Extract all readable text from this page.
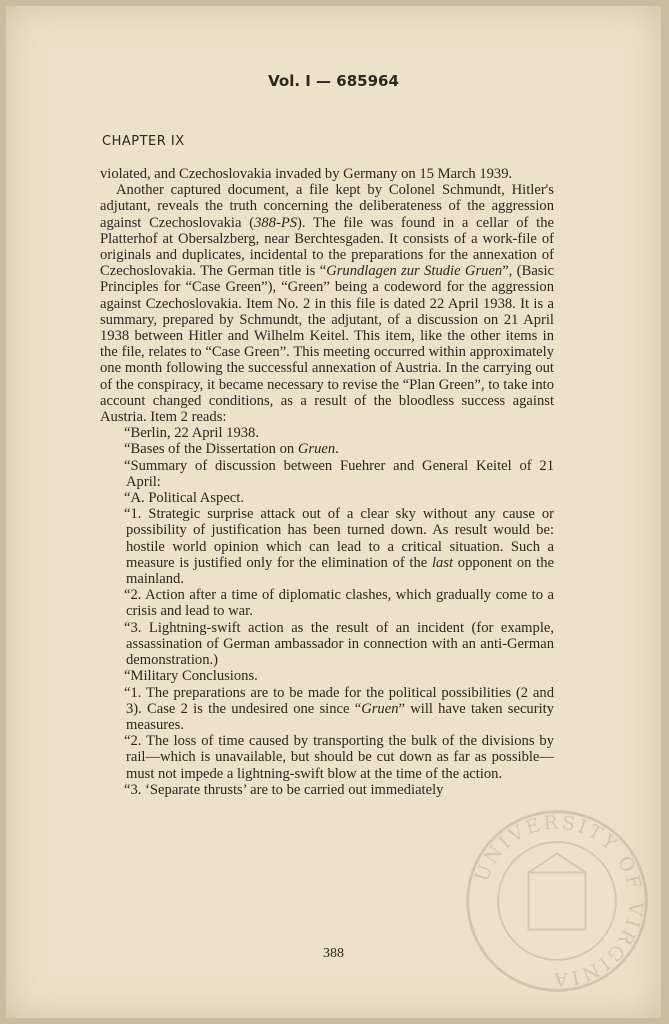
Vol. I — 685964
CHAPTER IX

violated, and Czechoslovakia invaded by Germany on 15 March 1939.

Another captured document, a file kept by Colonel Schmundt, Hitler's adjutant, reveals the truth concerning the deliberateness of the aggression against Czechoslovakia (388-PS). The file was found in a cellar of the Platterhof at Obersalzberg, near Berchtesgaden. It consists of a work-file of originals and duplicates, incidental to the preparations for the annexation of Czechoslovakia. The German title is “Grundlagen zur Studie Gruen”, (Basic Principles for “Case Green”), “Green” being a codeword for the aggression against Czechoslovakia. Item No. 2 in this file is dated 22 April 1938. It is a summary, prepared by Schmundt, the adjutant, of a discussion on 21 April 1938 between Hitler and Wilhelm Keitel. This item, like the other items in the file, relates to “Case Green”. This meeting occurred within approximately one month following the successful annexation of Austria. In the carrying out of the conspiracy, it became necessary to revise the “Plan Green”, to take into account changed conditions, as a result of the bloodless success against Austria. Item 2 reads:

“Berlin, 22 April 1938.

“Bases of the Dissertation on Gruen.

“Summary of discussion between Fuehrer and General Keitel of 21 April:

“A. Political Aspect.

“1. Strategic surprise attack out of a clear sky without any cause or possibility of justification has been turned down. As result would be: hostile world opinion which can lead to a critical situation. Such a measure is justified only for the elimination of the last opponent on the mainland.

“2. Action after a time of diplomatic clashes, which gradually come to a crisis and lead to war.

“3. Lightning-swift action as the result of an incident (for example, assassination of German ambassador in connection with an anti-German demonstration.)

“Military Conclusions.

“1. The preparations are to be made for the political possibilities (2 and 3). Case 2 is the undesired one since “Gruen” will have taken security measures.

“2. The loss of time caused by transporting the bulk of the divisions by rail—which is unavailable, but should be cut down as far as possible—must not impede a lightning-swift blow at the time of the action.

“3. ‘Separate thrusts’ are to be carried out immediately

388
UNIVERSITY OF VIRGINIA
